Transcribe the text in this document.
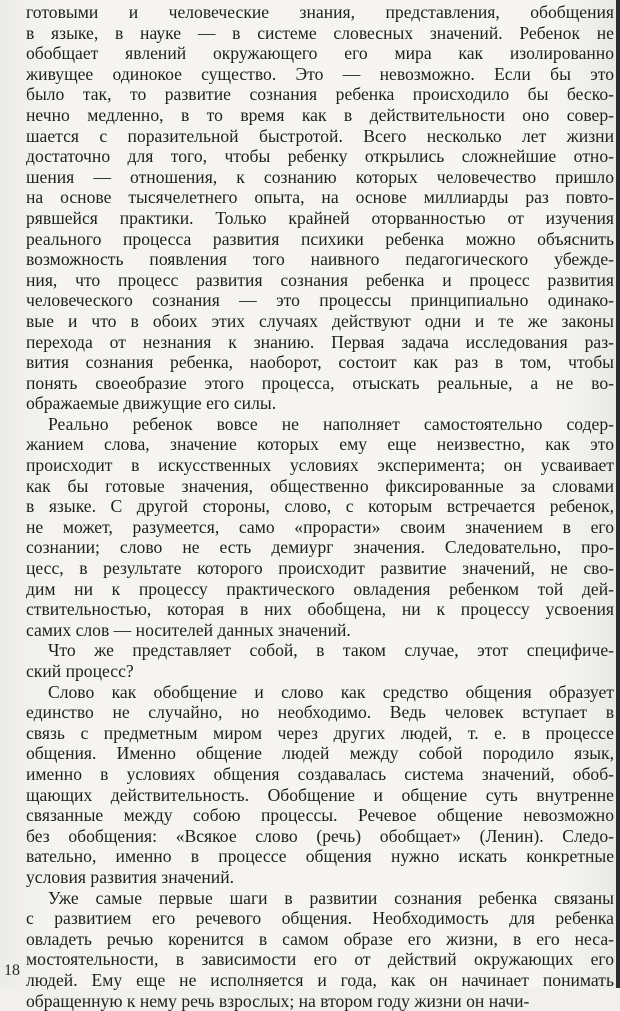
готовыми и человеческие знания, представления, обобщения
в языке, в науке — в системе словесных значений. Ребенок не
обобщает явлений окружающего его мира как изолированно
живущее одинокое существо. Это — невозможно. Если бы это
было так, то развитие сознания ребенка происходило бы беско-
нечно медленно, в то время как в действительности оно совер-
шается с поразительной быстротой. Всего несколько лет жизни
достаточно для того, чтобы ребенку открылись сложнейшие отно-
шения — отношения, к сознанию которых человечество пришло
на основе тысячелетнего опыта, на основе миллиарды раз повто-
рявшейся практики. Только крайней оторванностью от изучения
реального процесса развития психики ребенка можно объяснить
возможность появления того наивного педагогического убежде-
ния, что процесс развития сознания ребенка и процесс развития
человеческого сознания — это процессы принципиально одинако-
вые и что в обоих этих случаях действуют одни и те же законы
перехода от незнания к знанию. Первая задача исследования раз-
вития сознания ребенка, наоборот, состоит как раз в том, чтобы
понять своеобразие этого процесса, отыскать реальные, а не во-
ображаемые движущие его силы.

Реально ребенок вовсе не наполняет самостоятельно содер-
жанием слова, значение которых ему еще неизвестно, как это
происходит в искусственных условиях эксперимента; он усваивает
как бы готовые значения, общественно фиксированные за словами
в языке. С другой стороны, слово, с которым встречается ребенок,
не может, разумеется, само «прорасти» своим значением в его
сознании; слово не есть демиург значения. Следовательно, про-
цесс, в результате которого происходит развитие значений, не сво-
дим ни к процессу практического овладения ребенком той дей-
ствительностью, которая в них обобщена, ни к процессу усвоения
самих слов — носителей данных значений.

Что же представляет собой, в таком случае, этот специфиче-
ский процесс?

Слово как обобщение и слово как средство общения образует
единство не случайно, но необходимо. Ведь человек вступает в
связь с предметным миром через других людей, т. е. в процессе
общения. Именно общение людей между собой породило язык,
именно в условиях общения создавалась система значений, обоб-
щающих действительность. Обобщение и общение суть внутренне
связанные между собою процессы. Речевое общение невозможно
без обобщения: «Всякое слово (речь) обобщает» (Ленин). Следо-
вательно, именно в процессе общения нужно искать конкретные
условия развития значений.

Уже самые первые шаги в развитии сознания ребенка связаны
с развитием его речевого общения. Необходимость для ребенка
овладеть речью коренится в самом образе его жизни, в его неса-
мостоятельности, в зависимости его от действий окружающих его
людей. Ему еще не исполняется и года, как он начинает понимать
обращенную к нему речь взрослых; на втором году жизни он начи-

18
